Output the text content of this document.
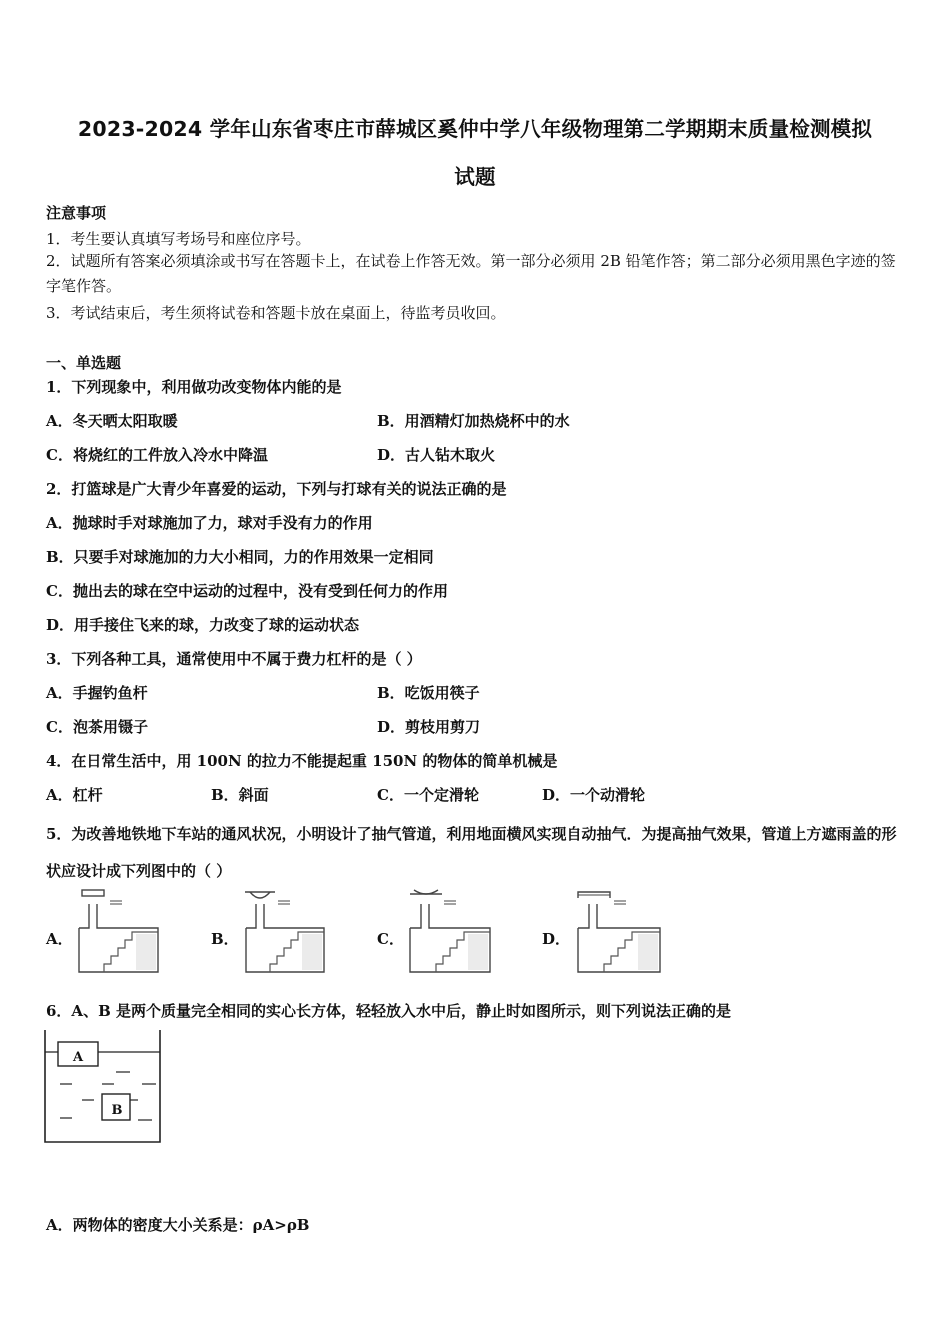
2023-2024 学年山东省枣庄市薛城区奚仲中学八年级物理第二学期期末质量检测模拟
试题
注意事项
1．考生要认真填写考场号和座位序号。
2．试题所有答案必须填涂或书写在答题卡上，在试卷上作答无效。第一部分必须用 2B 铅笔作答；第二部分必须用黑色字迹的签字笔作答。
3．考试结束后，考生须将试卷和答题卡放在桌面上，待监考员收回。
一、单选题
1．下列现象中，利用做功改变物体内能的是
A．冬天晒太阳取暖	B．用酒精灯加热烧杯中的水
C．将烧红的工件放入冷水中降温	D．古人钻木取火
2．打篮球是广大青少年喜爱的运动，下列与打球有关的说法正确的是
A．抛球时手对球施加了力，球对手没有力的作用
B．只要手对球施加的力大小相同，力的作用效果一定相同
C．抛出去的球在空中运动的过程中，没有受到任何力的作用
D．用手接住飞来的球，力改变了球的运动状态
3．下列各种工具，通常使用中不属于费力杠杆的是（ ）
A．手握钓鱼杆	B．吃饭用筷子
C．泡茶用镊子	D．剪枝用剪刀
4．在日常生活中，用 100N 的拉力不能提起重 150N 的物体的简单机械是
A．杠杆	B．斜面	C．一个定滑轮	D．一个动滑轮
5．为改善地铁地下车站的通风状况，小明设计了抽气管道，利用地面横风实现自动抽气．为提高抽气效果，管道上方遮雨盖的形状应设计成下列图中的（ ）
A．	B．	C．	D．
6．A、B 是两个质量完全相同的实心长方体，轻轻放入水中后，静止时如图所示，则下列说法正确的是
A
B
A．两物体的密度大小关系是：ρA>ρB
